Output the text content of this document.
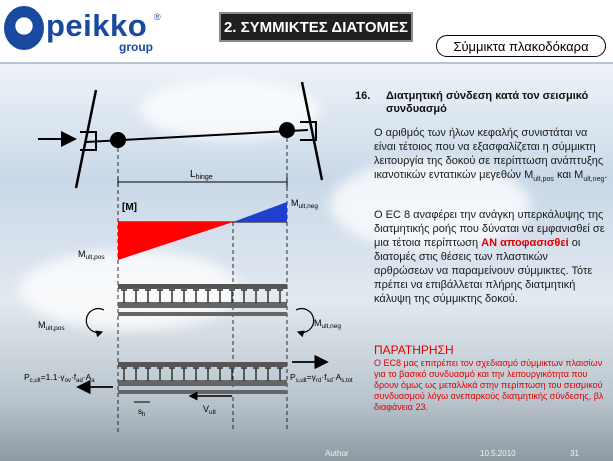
peikko ®
group
2. ΣΥΜΜΙΚΤΕΣ ΔΙΑΤΟΜΕΣ
Σύμμικτα πλακοδόκαρα
$L_{hinge}$
[M]
$M_{ult,pos}$
$M_{ult,neg}$
$M_{ult,pos}$
$M_{ult,neg}$
$P_{c,ult}=1.1\cdot\gamma_{ov}\cdot f_{ad}\cdot A_a$	$P_{s,ult}=\gamma_{rd}\cdot f_{sd}\cdot A_{s,tot}$
$V_{ult}$
$s_h$
16. Διατμητική σύνδεση κατά τον σεισμικό συνδυασμό
Ο αριθμός των ήλων κεφαλής συνιστάται να είναι τέτοιος που να εξασφαλίζεται η σύμμικτη λειτουργία της δοκού σε περίπτωση ανάπτυξης ικανοτικών εντατικών μεγεθών $M_{ult,pos}$ και $M_{ult,neg}$.
Ο EC 8 αναφέρει την ανάγκη υπερκάλυψης της διατμητικής ροής που δύναται να εμφανισθεί σε μια τέτοια περίπτωση ΑΝ αποφασισθεί οι διατομές στις θέσεις των πλαστικών αρθρώσεων να παραμείνουν σύμμικτες. Τότε πρέπει να επιβάλλεται πλήρης διατμητική κάλυψη της σύμμικτης δοκού.
ΠΑΡΑΤΗΡΗΣΗ
Ο EC8 μας επιτρέπει τον σχεδιασμό σύμμικτων πλαισίων για το βασικό συνδυασμό και την λειτουργικότητα που δρουν όμως ως μεταλλικά στην περίπτωση του σεισμικού συνδυασμού λόγω ανεπαρκούς διατμητικής σύνδεσης, βλ διαφάνεια 23.
Author	10.5.2010	31
